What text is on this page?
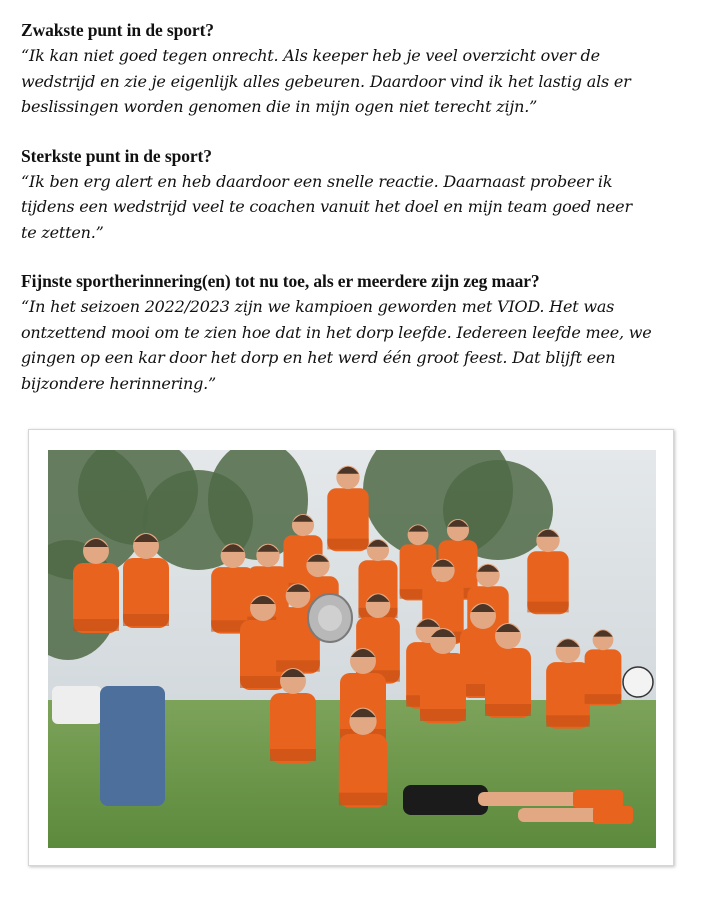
Zwakste punt in de sport?

“Ik kan niet goed tegen onrecht. Als keeper heb je veel overzicht over de

wedstrijd en zie je eigenlijk alles gebeuren. Daardoor vind ik het lastig als er

beslissingen worden genomen die in mijn ogen niet terecht zijn.”

Sterkste punt in de sport?

“Ik ben erg alert en heb daardoor een snelle reactie. Daarnaast probeer ik

tijdens een wedstrijd veel te coachen vanuit het doel en mijn team goed neer

te zetten.”

Fijnste sportherinnering(en) tot nu toe, als er meerdere zijn zeg maar?

“In het seizoen 2022/2023 zijn we kampioen geworden met VIOD. Het was

ontzettend mooi om te zien hoe dat in het dorp leefde. Iedereen leefde mee, we

gingen op een kar door het dorp en het werd één groot feest. Dat blijft een

bijzondere herinnering.”
